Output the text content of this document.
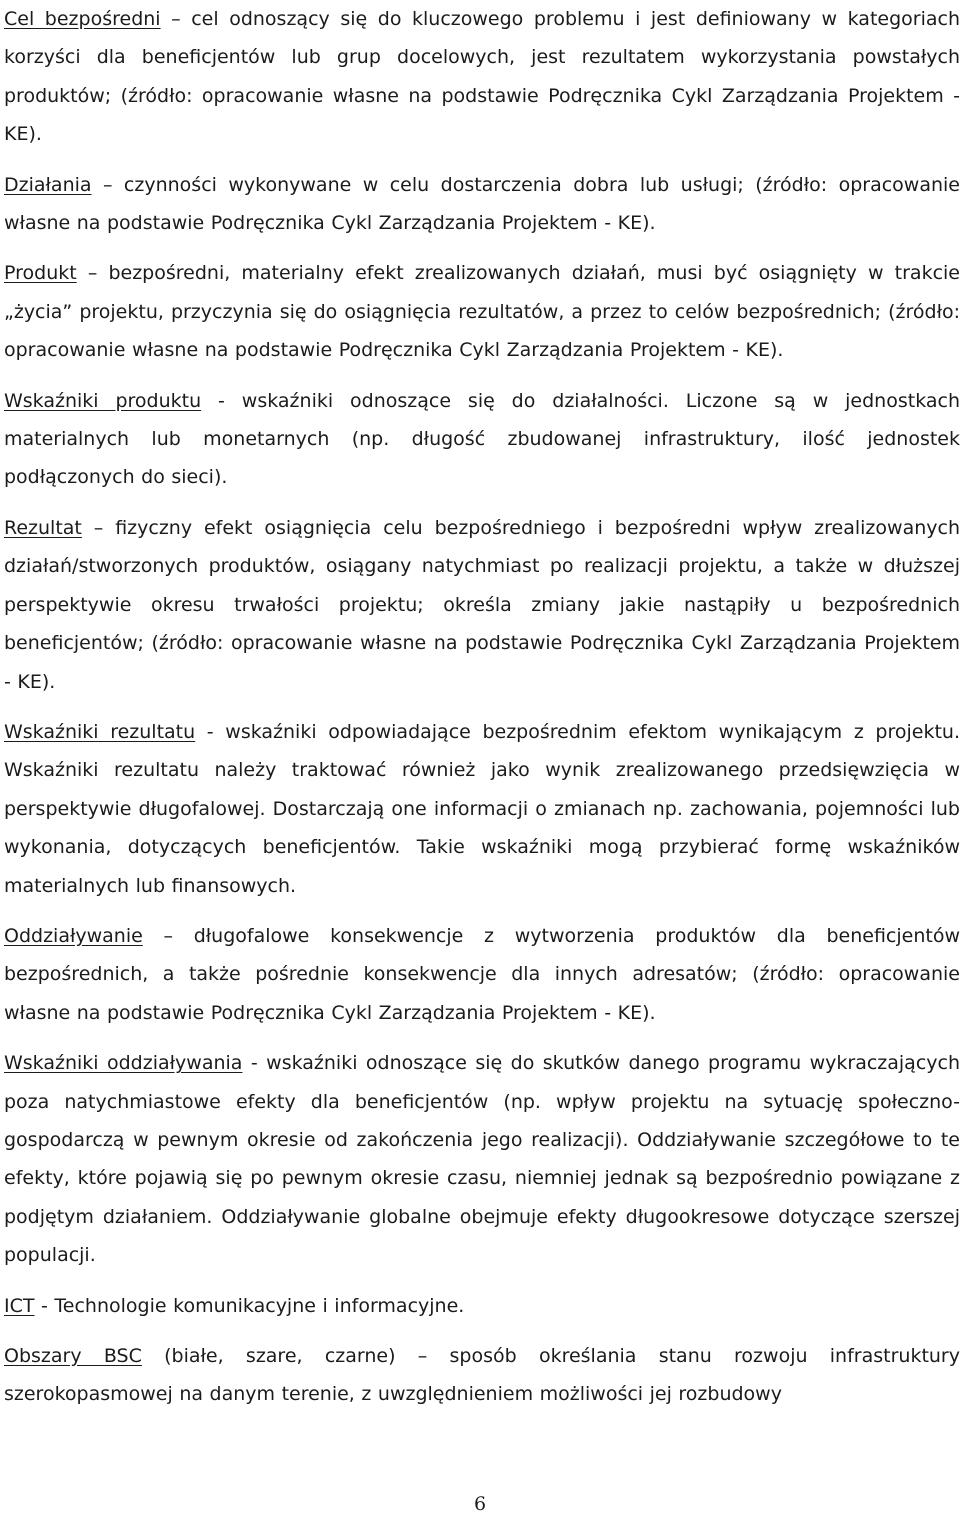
Cel bezpośredni – cel odnoszący się do kluczowego problemu i jest definiowany w kategoriach korzyści dla beneficjentów lub grup docelowych, jest rezultatem wykorzystania powstałych produktów; (źródło: opracowanie własne na podstawie Podręcznika Cykl Zarządzania Projektem - KE).

Działania – czynności wykonywane w celu dostarczenia dobra lub usługi; (źródło: opracowanie własne na podstawie Podręcznika Cykl Zarządzania Projektem - KE).

Produkt – bezpośredni, materialny efekt zrealizowanych działań, musi być osiągnięty w trakcie „życia” projektu, przyczynia się do osiągnięcia rezultatów, a przez to celów bezpośrednich; (źródło: opracowanie własne na podstawie Podręcznika Cykl Zarządzania Projektem - KE).

Wskaźniki produktu - wskaźniki odnoszące się do działalności. Liczone są w jednostkach materialnych lub monetarnych (np. długość zbudowanej infrastruktury, ilość jednostek podłączonych do sieci).

Rezultat – fizyczny efekt osiągnięcia celu bezpośredniego i bezpośredni wpływ zrealizowanych działań/stworzonych produktów, osiągany natychmiast po realizacji projektu, a także w dłuższej perspektywie okresu trwałości projektu; określa zmiany jakie nastąpiły u bezpośrednich beneficjentów; (źródło: opracowanie własne na podstawie Podręcznika Cykl Zarządzania Projektem - KE).

Wskaźniki rezultatu - wskaźniki odpowiadające bezpośrednim efektom wynikającym z projektu. Wskaźniki rezultatu należy traktować również jako wynik zrealizowanego przedsięwzięcia w perspektywie długofalowej. Dostarczają one informacji o zmianach np. zachowania, pojemności lub wykonania, dotyczących beneficjentów. Takie wskaźniki mogą przybierać formę wskaźników materialnych lub finansowych.

Oddziaływanie – długofalowe konsekwencje z wytworzenia produktów dla beneficjentów bezpośrednich, a także pośrednie konsekwencje dla innych adresatów; (źródło: opracowanie własne na podstawie Podręcznika Cykl Zarządzania Projektem - KE).

Wskaźniki oddziaływania - wskaźniki odnoszące się do skutków danego programu wykraczających poza natychmiastowe efekty dla beneficjentów (np. wpływ projektu na sytuację społeczno-gospodarczą w pewnym okresie od zakończenia jego realizacji). Oddziaływanie szczegółowe to te efekty, które pojawią się po pewnym okresie czasu, niemniej jednak są bezpośrednio powiązane z podjętym działaniem. Oddziaływanie globalne obejmuje efekty długookresowe dotyczące szerszej populacji.

ICT - Technologie komunikacyjne i informacyjne.

Obszary BSC (białe, szare, czarne) – sposób określania stanu rozwoju infrastruktury szerokopasmowej na danym terenie, z uwzględnieniem możliwości jej rozbudowy

6
